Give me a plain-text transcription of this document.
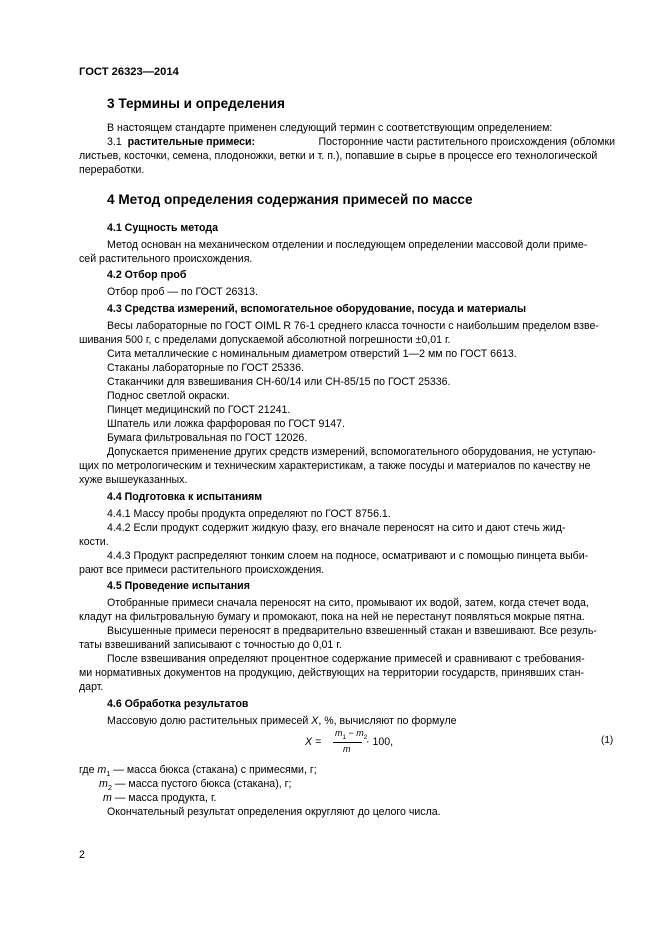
ГОСТ 26323—2014
3 Термины и определения
В настоящем стандарте применен следующий термин с соответствующим определением:
3.1 растительные примеси:	Посторонние части растительного происхождения (обломки
листьев, косточки, семена, плодоножки, ветки и т. п.), попавшие в сырье в процессе его технологической
переработки.
4 Метод определения содержания примесей по массе
4.1 Сущность метода
Метод основан на механическом отделении и последующем определении массовой доли приме-
сей растительного происхождения.
4.2 Отбор проб
Отбор проб — по ГОСТ 26313.
4.3 Средства измерений, вспомогательное оборудование, посуда и материалы
Весы лабораторные по ГОСТ OIML R 76-1 среднего класса точности с наибольшим пределом взве-
шивания 500 г, с пределами допускаемой абсолютной погрешности ±0,01 г.
Сита металлические с номинальным диаметром отверстий 1—2 мм по ГОСТ 6613.
Стаканы лабораторные по ГОСТ 25336.
Стаканчики для взвешивания СН-60/14 или СН-85/15 по ГОСТ 25336.
Поднос светлой окраски.
Пинцет медицинский по ГОСТ 21241.
Шпатель или ложка фарфоровая по ГОСТ 9147.
Бумага фильтровальная по ГОСТ 12026.
Допускается применение других средств измерений, вспомогательного оборудования, не уступаю-
щих по метрологическим и техническим характеристикам, а также посуды и материалов по качеству не
хуже вышеуказанных.
4.4 Подготовка к испытаниям
4.4.1 Массу пробы продукта определяют по ГОСТ 8756.1.
4.4.2 Если продукт содержит жидкую фазу, его вначале переносят на сито и дают стечь жид-
кости.
4.4.3 Продукт распределяют тонким слоем на подносе, осматривают и с помощью пинцета выби-
рают все примеси растительного происхождения.
4.5 Проведение испытания
Отобранные примеси сначала переносят на сито, промывают их водой, затем, когда стечет вода,
кладут на фильтровальную бумагу и промокают, пока на ней не перестанут появляться мокрые пятна.
Высушенные примеси переносят в предварительно взвешенный стакан и взвешивают. Все резуль-
таты взвешиваний записывают с точностью до 0,01 г.
После взвешивания определяют процентное содержание примесей и сравнивают с требования-
ми нормативных документов на продукцию, действующих на территории государств, принявших стан-
дарт.
4.6 Обработка результатов
Массовую долю растительных примесей X, %, вычисляют по формуле
X =
$m_1 - m_2$
m
· 100,	(1)
где $m_1$ — масса бюкса (стакана) с примесями, г;
$m_2$ — масса пустого бюкса (стакана), г;
m — масса продукта, г.
Окончательный результат определения округляют до целого числа.
2
